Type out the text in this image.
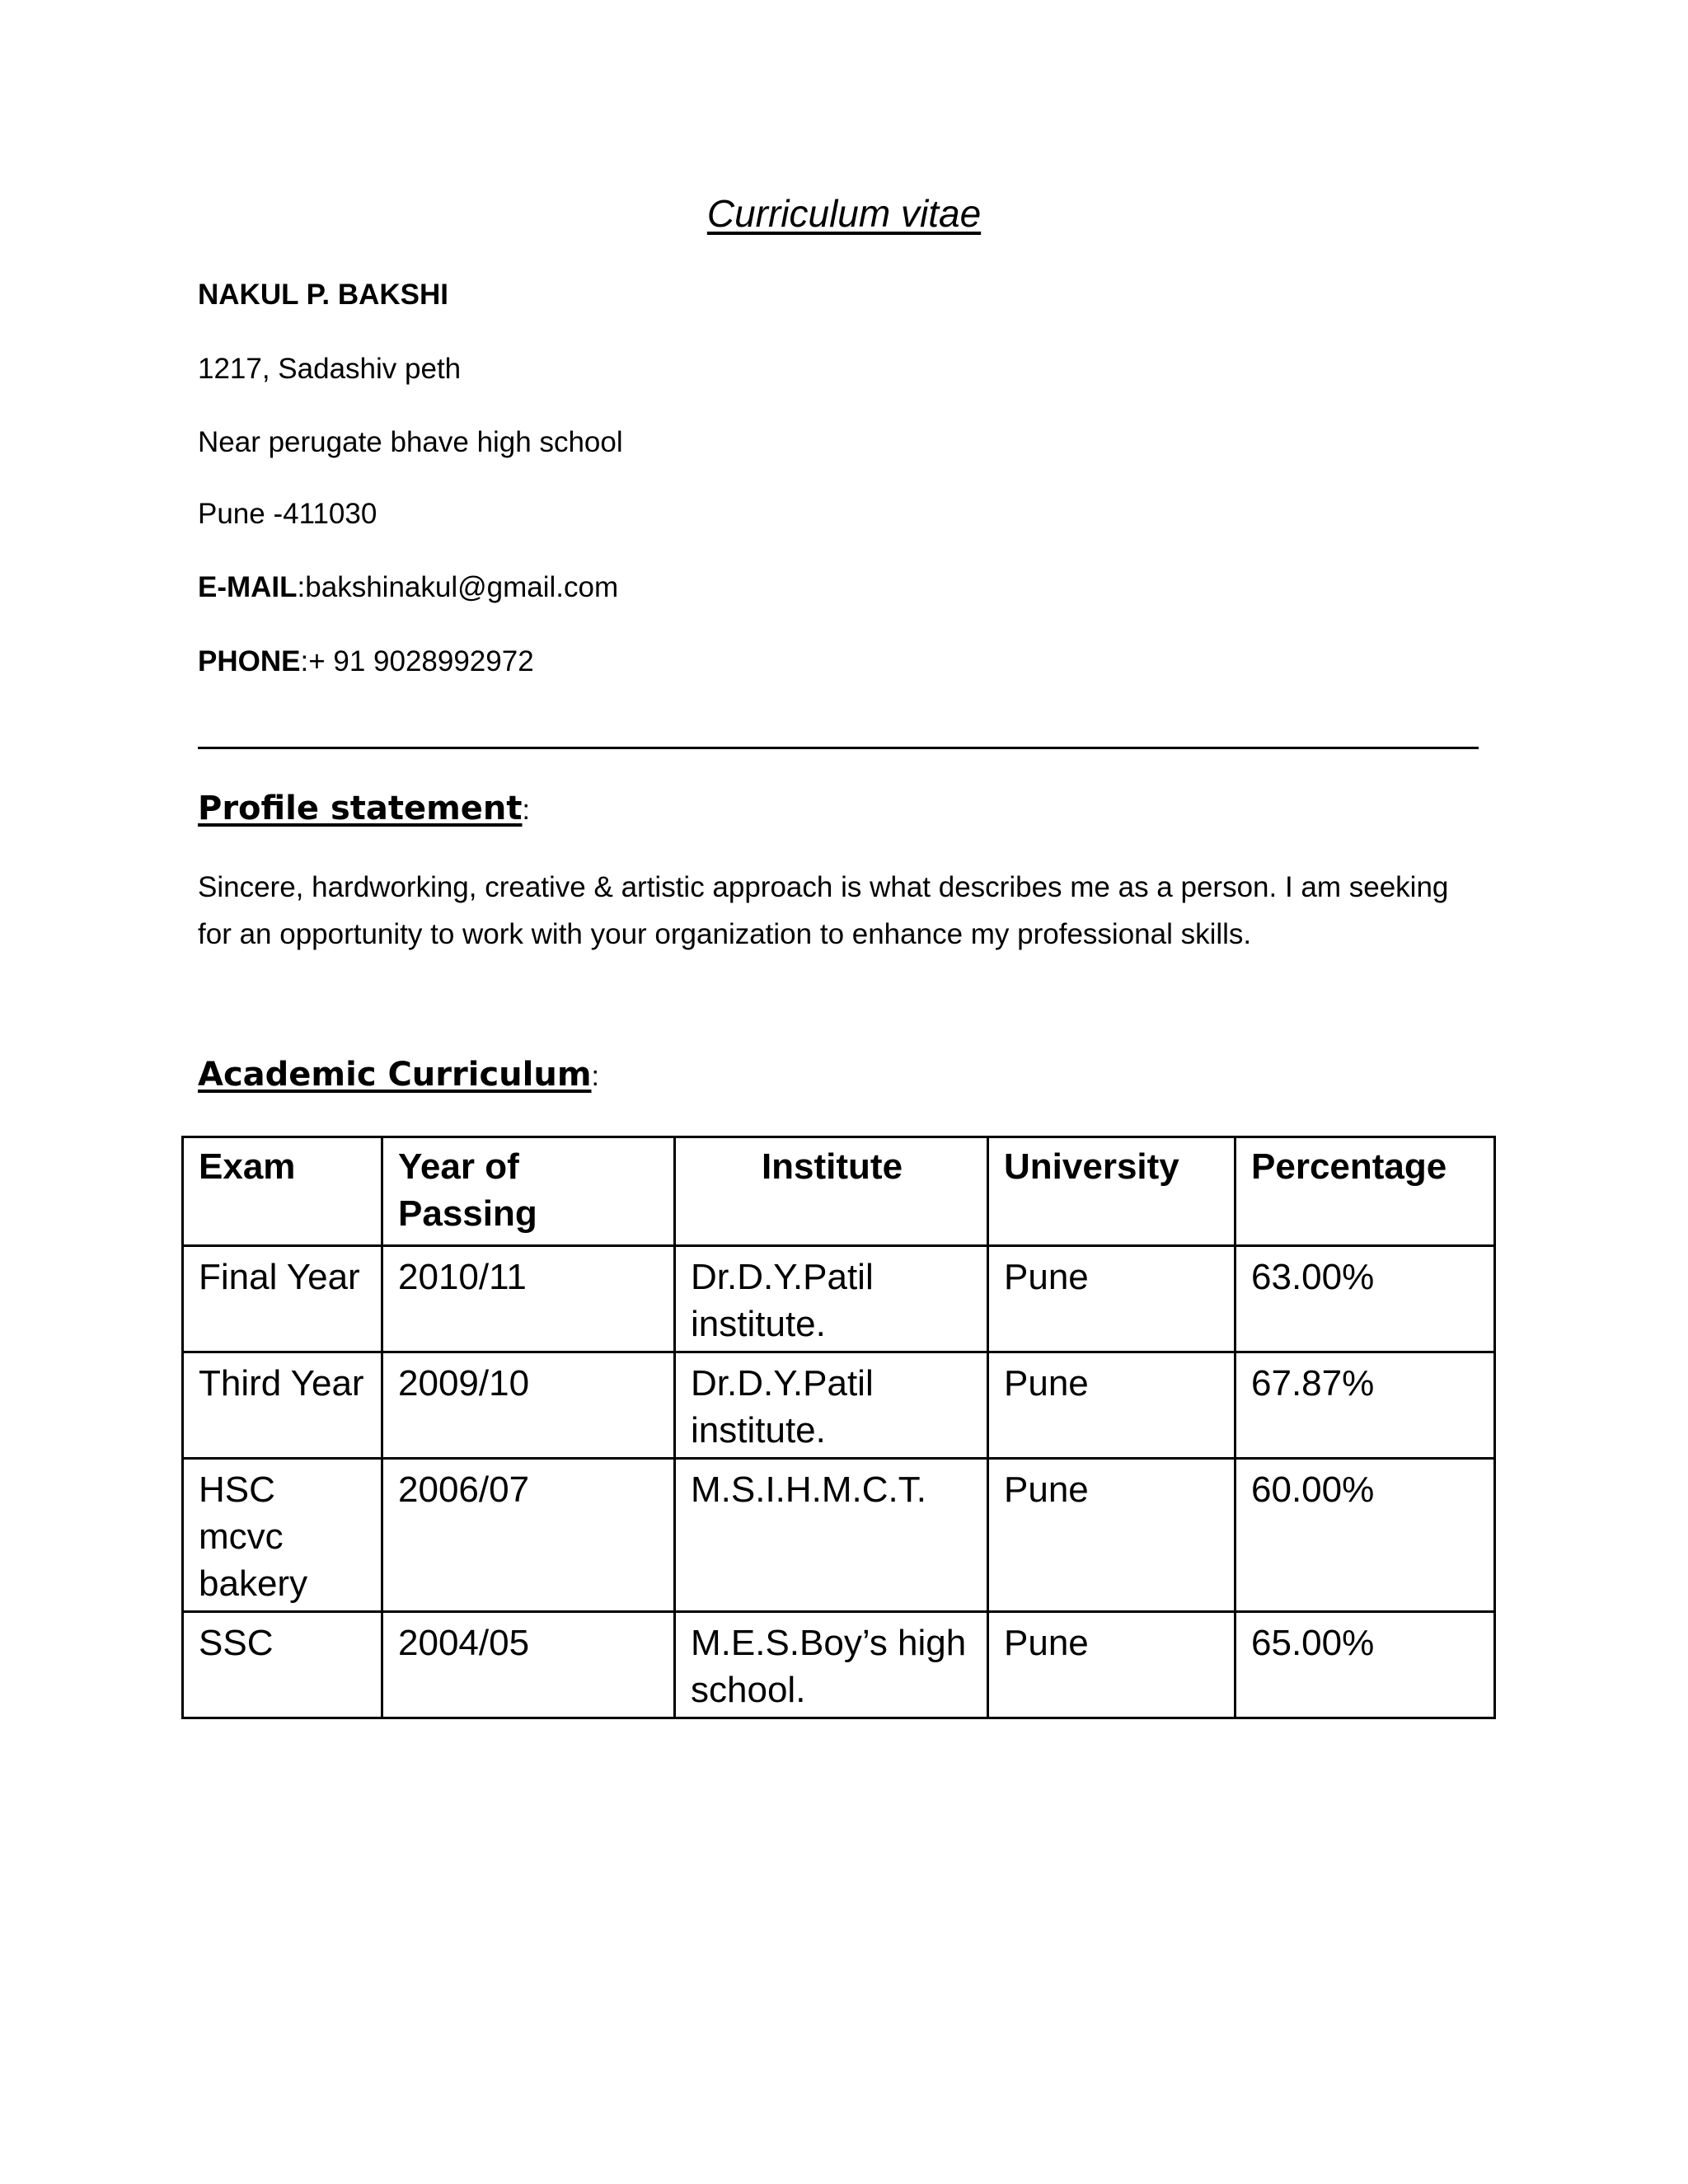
Curriculum vitae
NAKUL P. BAKSHI
1217, Sadashiv peth
Near perugate bhave high school
Pune -411030
E-MAIL:bakshinakul@gmail.com
PHONE:+ 91 9028992972
Profile statement:
Sincere, hardworking, creative & artistic approach is what describes me as a person. I am seeking for an opportunity to work with your organization to enhance my professional skills.
Academic Curriculum:
Exam	Year of Passing	Institute	University	Percentage
Final Year	2010/11	Dr.D.Y.Patil institute.	Pune	63.00%
Third Year	2009/10	Dr.D.Y.Patil institute.	Pune	67.87%
HSC mcvc bakery	2006/07	M.S.I.H.M.C.T.	Pune	60.00%
SSC	2004/05	M.E.S.Boy’s high school.	Pune	65.00%
